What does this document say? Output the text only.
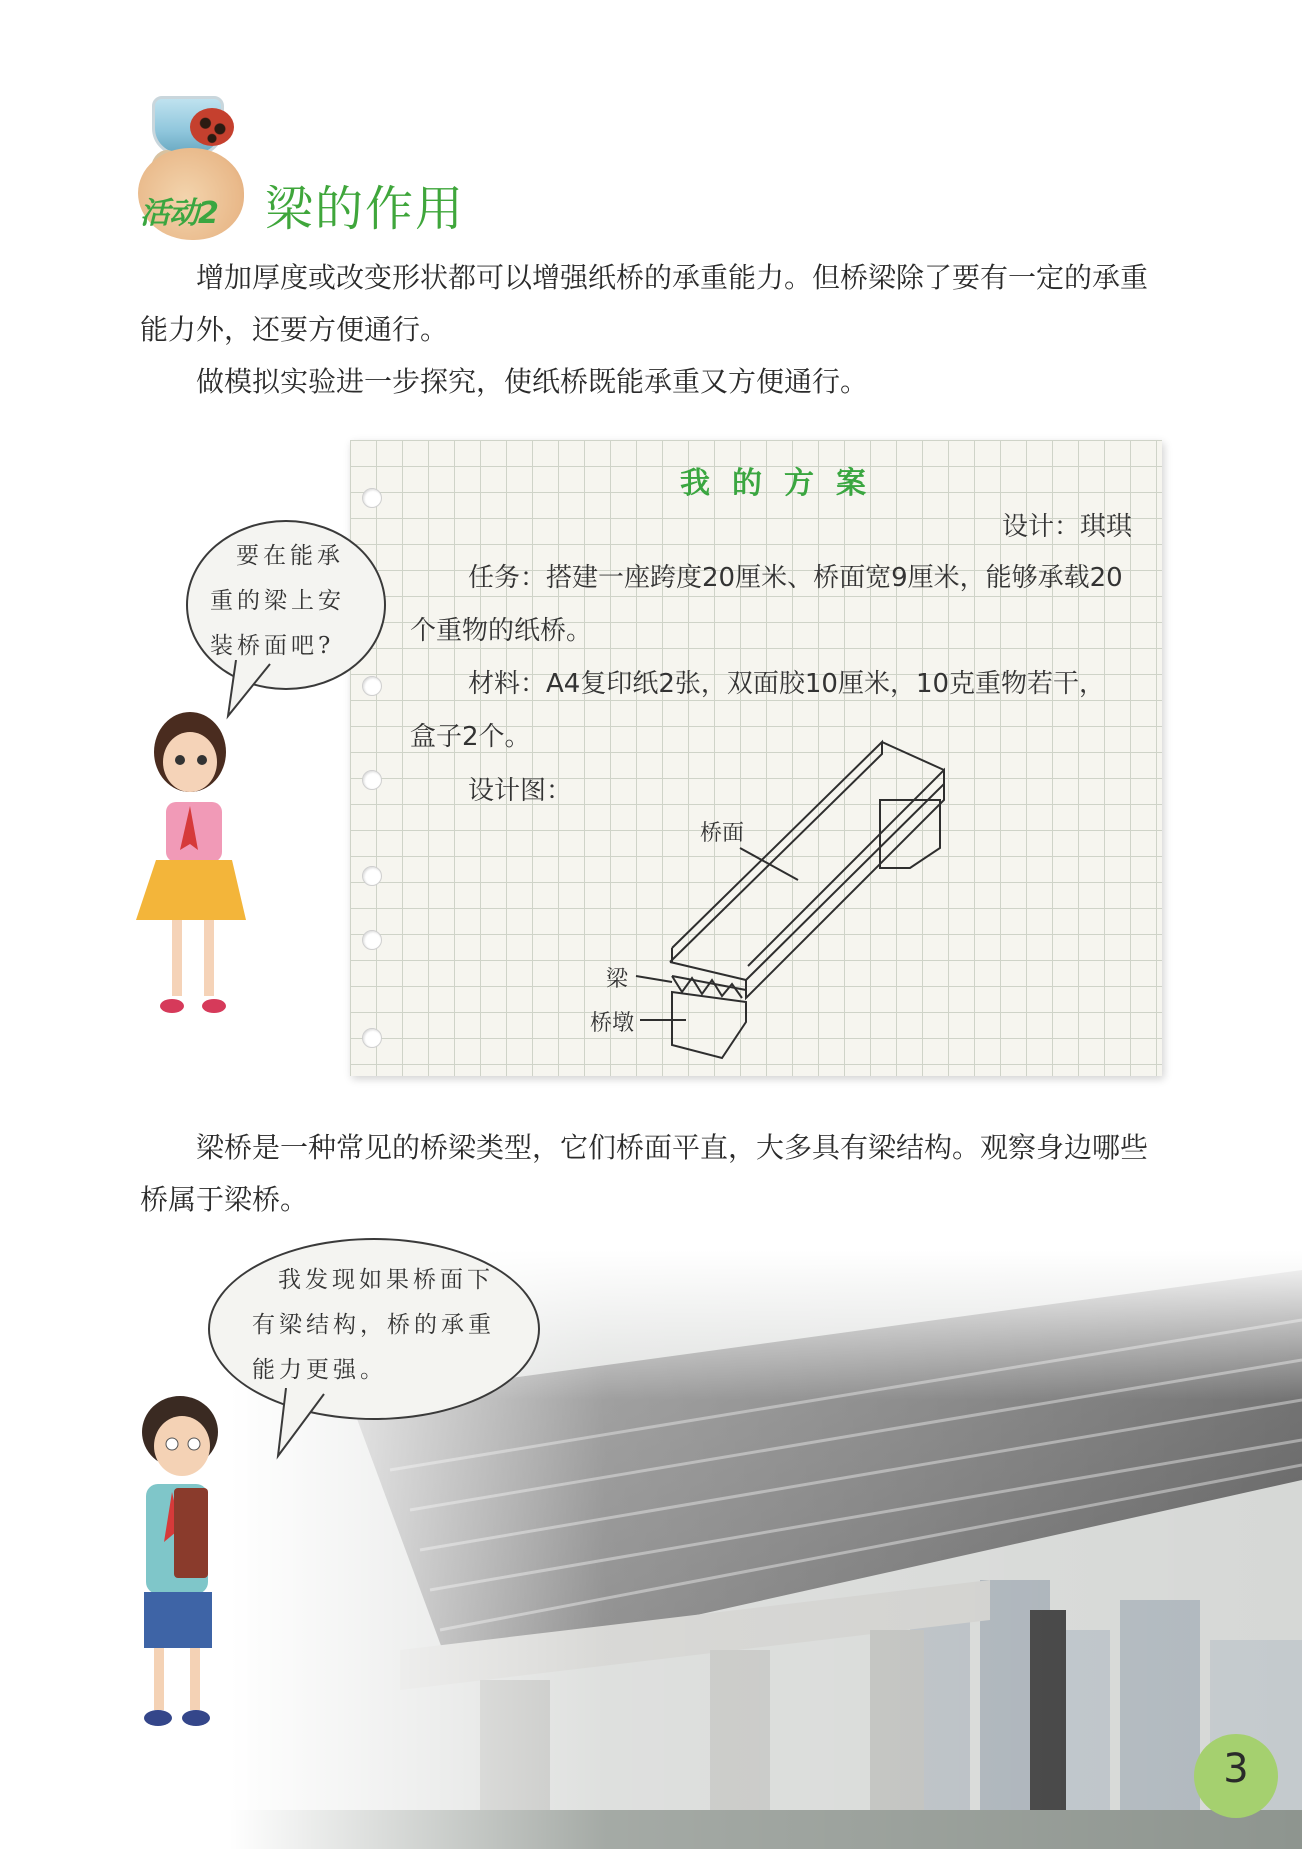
活动2 梁的作用

增加厚度或改变形状都可以增强纸桥的承重能力。但桥梁除了要有一定的承重能力外，还要方便通行。

做模拟实验进一步探究，使纸桥既能承重又方便通行。

我的方案
设计：琪琪

任务：搭建一座跨度20厘米、桥面宽9厘米，能够承载20个重物的纸桥。

材料：A4复印纸2张，双面胶10厘米，10克重物若干，盒子2个。

设计图：
桥面
梁
桥墩

要在能承

重的梁上安

装桥面吧?

梁桥是一种常见的桥梁类型，它们桥面平直，大多具有梁结构。观察身边哪些桥属于梁桥。

我发现如果桥面下

有梁结构，桥的承重

能力更强。

3
